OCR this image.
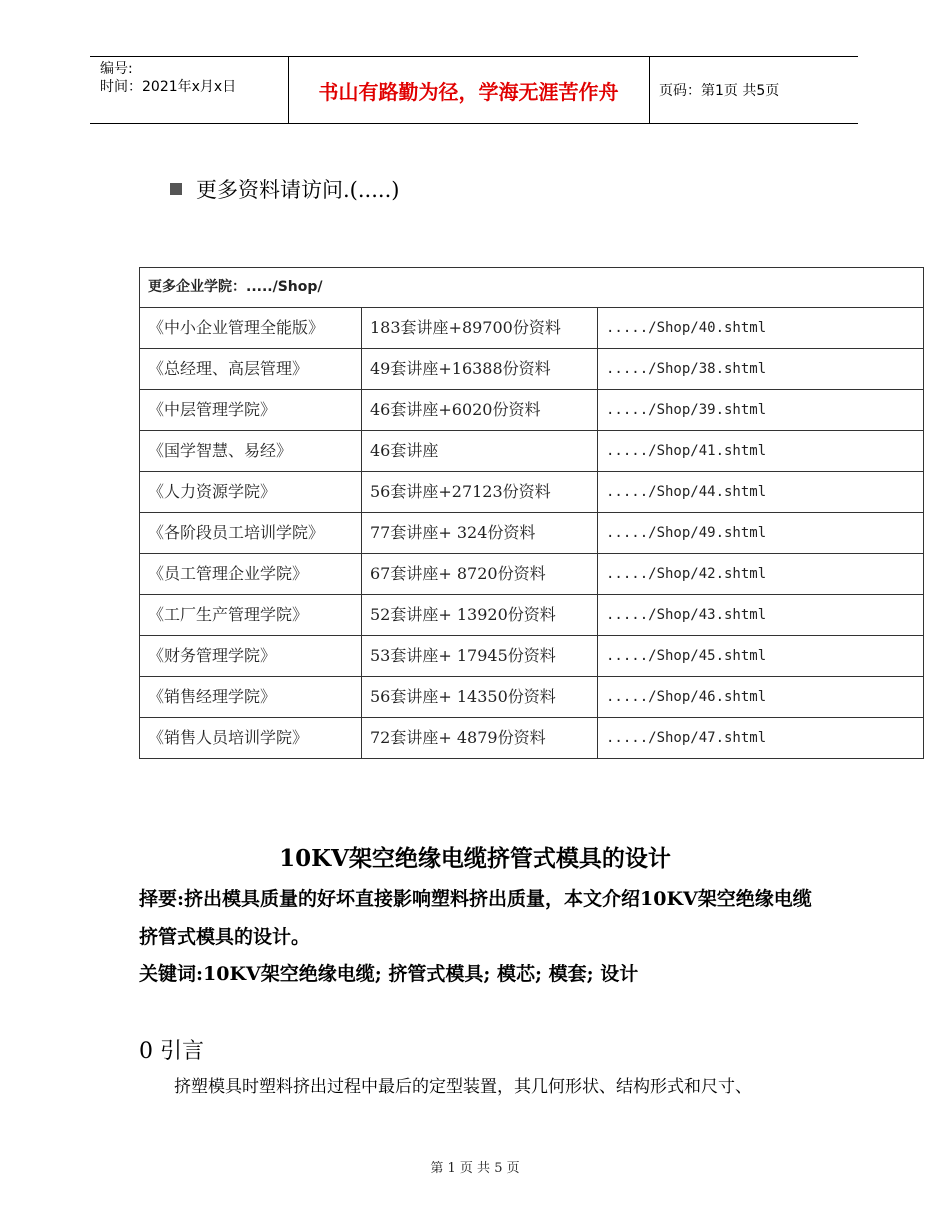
编号:
时间：2021年x月x日	书山有路勤为径，学海无涯苦作舟	页码：第1页 共5页
更多资料请访问.(.....)
更多企业学院：...../Shop/		
《中小企业管理全能版》	183套讲座+89700份资料	...../Shop/40.shtml
《总经理、高层管理》	49套讲座+16388份资料	...../Shop/38.shtml
《中层管理学院》	46套讲座+6020份资料	...../Shop/39.shtml
《国学智慧、易经》	46套讲座	...../Shop/41.shtml
《人力资源学院》	56套讲座+27123份资料	...../Shop/44.shtml
《各阶段员工培训学院》	77套讲座+ 324份资料	...../Shop/49.shtml
《员工管理企业学院》	67套讲座+ 8720份资料	...../Shop/42.shtml
《工厂生产管理学院》	52套讲座+ 13920份资料	...../Shop/43.shtml
《财务管理学院》	53套讲座+ 17945份资料	...../Shop/45.shtml
《销售经理学院》	56套讲座+ 14350份资料	...../Shop/46.shtml
《销售人员培训学院》	72套讲座+ 4879份资料	...../Shop/47.shtml
10KV架空绝缘电缆挤管式模具的设计
择要:挤出模具质量的好坏直接影响塑料挤出质量，本文介绍10KV架空绝缘电缆挤管式模具的设计。
关键词:10KV架空绝缘电缆; 挤管式模具; 模芯; 模套; 设计
0 引言
挤塑模具时塑料挤出过程中最后的定型装置，其几何形状、结构形式和尺寸、
第 1 页 共 5 页
